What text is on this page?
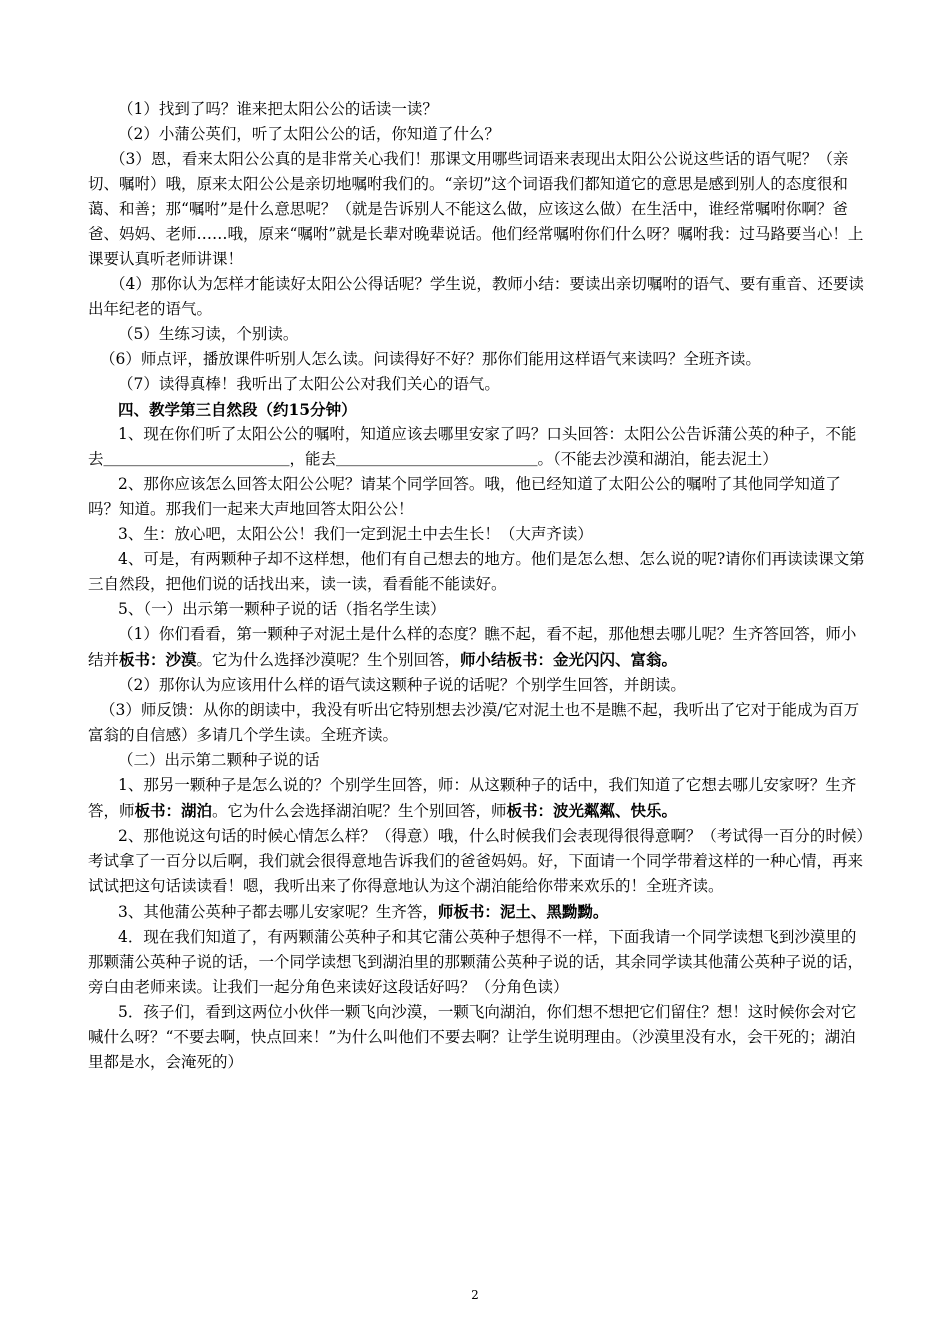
（1）找到了吗？谁来把太阳公公的话读一读？

（2）小蒲公英们，听了太阳公公的话，你知道了什么？

（3）恩，看来太阳公公真的是非常关心我们！那课文用哪些词语来表现出太阳公公说这些话的语气呢？（亲切、嘱咐）哦，原来太阳公公是亲切地嘱咐我们的。“亲切”这个词语我们都知道它的意思是感到别人的态度很和蔼、和善；那“嘱咐”是什么意思呢？（就是告诉别人不能这么做，应该这么做）在生活中，谁经常嘱咐你啊？爸爸、妈妈、老师……哦，原来“嘱咐”就是长辈对晚辈说话。他们经常嘱咐你们什么呀？嘱咐我：过马路要当心！上课要认真听老师讲课！

（4）那你认为怎样才能读好太阳公公得话呢？学生说，教师小结：要读出亲切嘱咐的语气、要有重音、还要读出年纪老的语气。

（5）生练习读，个别读。

（6）师点评，播放课件听别人怎么读。问读得好不好？那你们能用这样语气来读吗？全班齐读。

（7）读得真棒！我听出了太阳公公对我们关心的语气。

四、教学第三自然段（约15分钟）

1、现在你们听了太阳公公的嘱咐，知道应该去哪里安家了吗？口头回答：太阳公公告诉蒲公英的种子，不能去＿＿＿＿＿＿＿＿＿＿＿＿，能去＿＿＿＿＿＿＿＿＿＿＿＿＿。（不能去沙漠和湖泊，能去泥土）

2、那你应该怎么回答太阳公公呢？请某个同学回答。哦，他已经知道了太阳公公的嘱咐了其他同学知道了吗？知道。那我们一起来大声地回答太阳公公！

3、生：放心吧，太阳公公！我们一定到泥土中去生长！（大声齐读）

4、可是，有两颗种子却不这样想，他们有自己想去的地方。他们是怎么想、怎么说的呢?请你们再读读课文第三自然段，把他们说的话找出来，读一读，看看能不能读好。

5、（一）出示第一颗种子说的话（指名学生读）

（1）你们看看，第一颗种子对泥土是什么样的态度？瞧不起，看不起，那他想去哪儿呢？生齐答回答，师小结并板书：沙漠。它为什么选择沙漠呢？生个别回答，师小结板书：金光闪闪、富翁。

（2）那你认为应该用什么样的语气读这颗种子说的话呢？个别学生回答，并朗读。

（3）师反馈：从你的朗读中，我没有听出它特别想去沙漠/它对泥土也不是瞧不起，我听出了它对于能成为百万富翁的自信感）多请几个学生读。全班齐读。

（二）出示第二颗种子说的话

1、那另一颗种子是怎么说的？个别学生回答，师：从这颗种子的话中，我们知道了它想去哪儿安家呀？生齐答，师板书：湖泊。它为什么会选择湖泊呢？生个别回答，师板书：波光粼粼、快乐。

2、那他说这句话的时候心情怎么样？（得意）哦，什么时候我们会表现得很得意啊？（考试得一百分的时候）考试拿了一百分以后啊，我们就会很得意地告诉我们的爸爸妈妈。好，下面请一个同学带着这样的一种心情，再来试试把这句话读读看！嗯，我听出来了你得意地认为这个湖泊能给你带来欢乐的！全班齐读。

3、其他蒲公英种子都去哪儿安家呢？生齐答，师板书：泥土、黑黝黝。

4．现在我们知道了，有两颗蒲公英种子和其它蒲公英种子想得不一样，下面我请一个同学读想飞到沙漠里的那颗蒲公英种子说的话，一个同学读想飞到湖泊里的那颗蒲公英种子说的话，其余同学读其他蒲公英种子说的话，旁白由老师来读。让我们一起分角色来读好这段话好吗？（分角色读）

5．孩子们，看到这两位小伙伴一颗飞向沙漠，一颗飞向湖泊，你们想不想把它们留住？想！这时候你会对它喊什么呀？“不要去啊，快点回来！”为什么叫他们不要去啊？让学生说明理由。（沙漠里没有水，会干死的；湖泊里都是水，会淹死的）

2
